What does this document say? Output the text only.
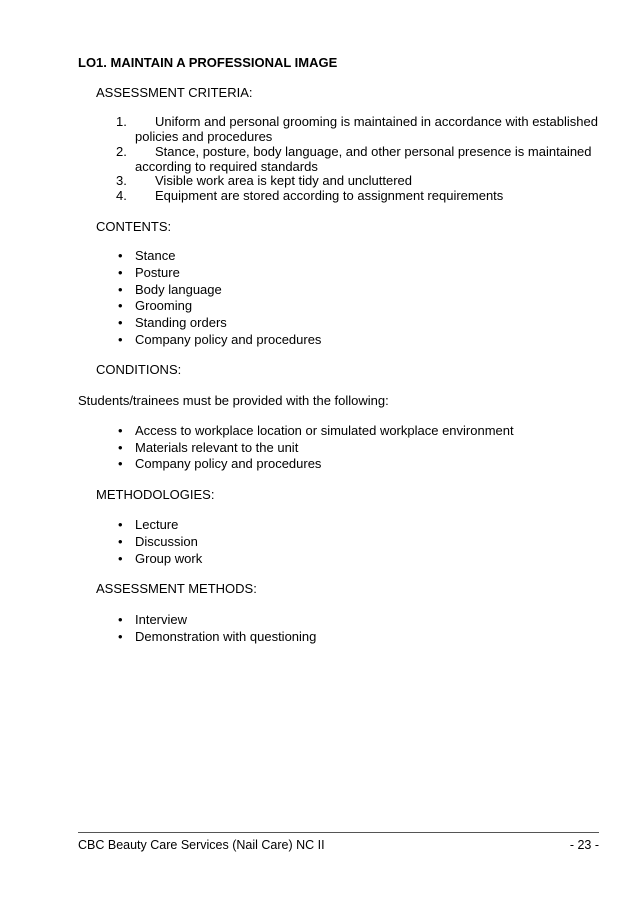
LO1. MAINTAIN A PROFESSIONAL IMAGE
ASSESSMENT CRITERIA:
1. Uniform and personal grooming is maintained in accordance with established
policies and procedures
2. Stance, posture, body language, and other personal presence is maintained
according to required standards
3. Visible work area is kept tidy and uncluttered
4. Equipment are stored according to assignment requirements
CONTENTS:
• Stance
• Posture
• Body language
• Grooming
• Standing orders
• Company policy and procedures
CONDITIONS:
Students/trainees must be provided with the following:
• Access to workplace location or simulated workplace environment
• Materials relevant to the unit
• Company policy and procedures
METHODOLOGIES:
• Lecture
• Discussion
• Group work
ASSESSMENT METHODS:
• Interview
• Demonstration with questioning
CBC Beauty Care Services (Nail Care) NC II	- 23 -
